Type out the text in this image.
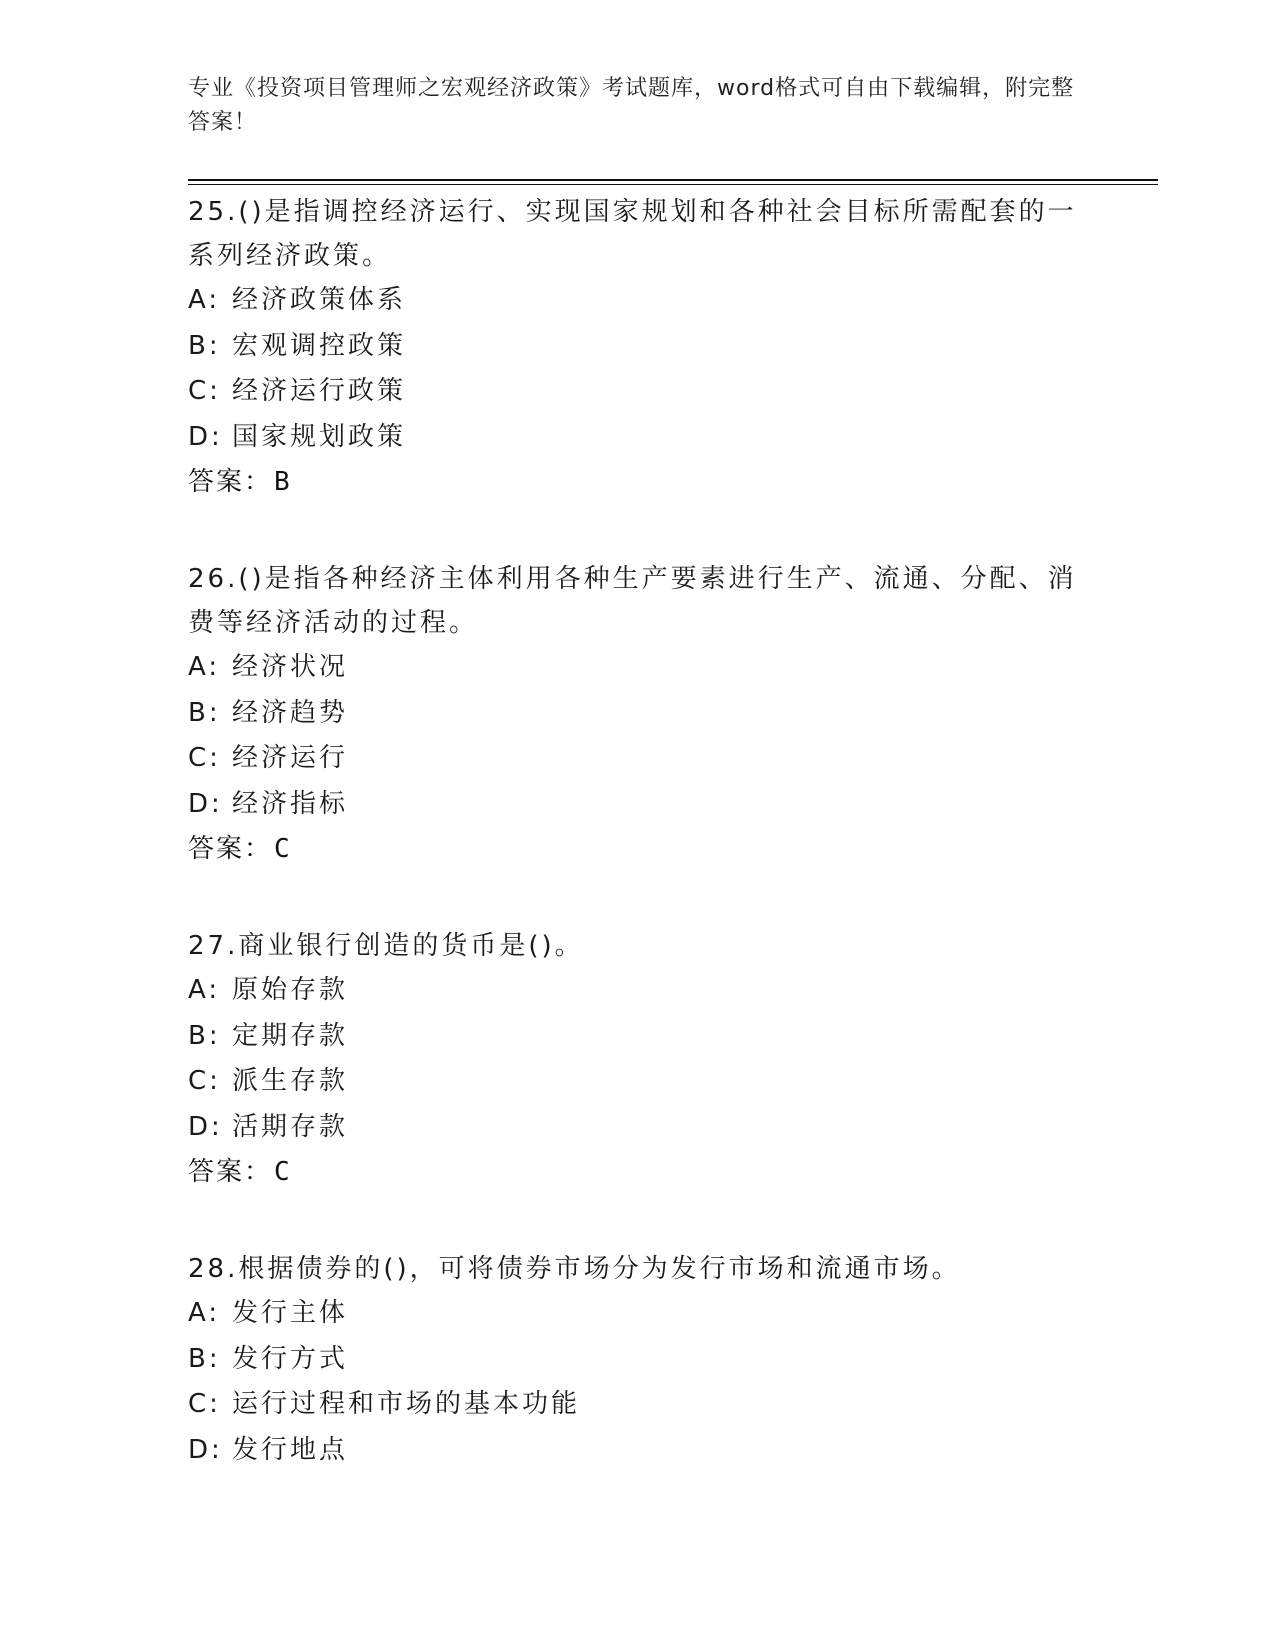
专业《投资项目管理师之宏观经济政策》考试题库，word格式可自由下载编辑，附完整答案！

25.()是指调控经济运行、实现国家规划和各种社会目标所需配套的一系列经济政策。

A: 经济政策体系

B: 宏观调控政策

C: 经济运行政策

D: 国家规划政策

答案：B

26.()是指各种经济主体利用各种生产要素进行生产、流通、分配、消费等经济活动的过程。

A: 经济状况

B: 经济趋势

C: 经济运行

D: 经济指标

答案：C

27.商业银行创造的货币是()。

A: 原始存款

B: 定期存款

C: 派生存款

D: 活期存款

答案：C

28.根据债券的()，可将债券市场分为发行市场和流通市场。

A: 发行主体

B: 发行方式

C: 运行过程和市场的基本功能

D: 发行地点
